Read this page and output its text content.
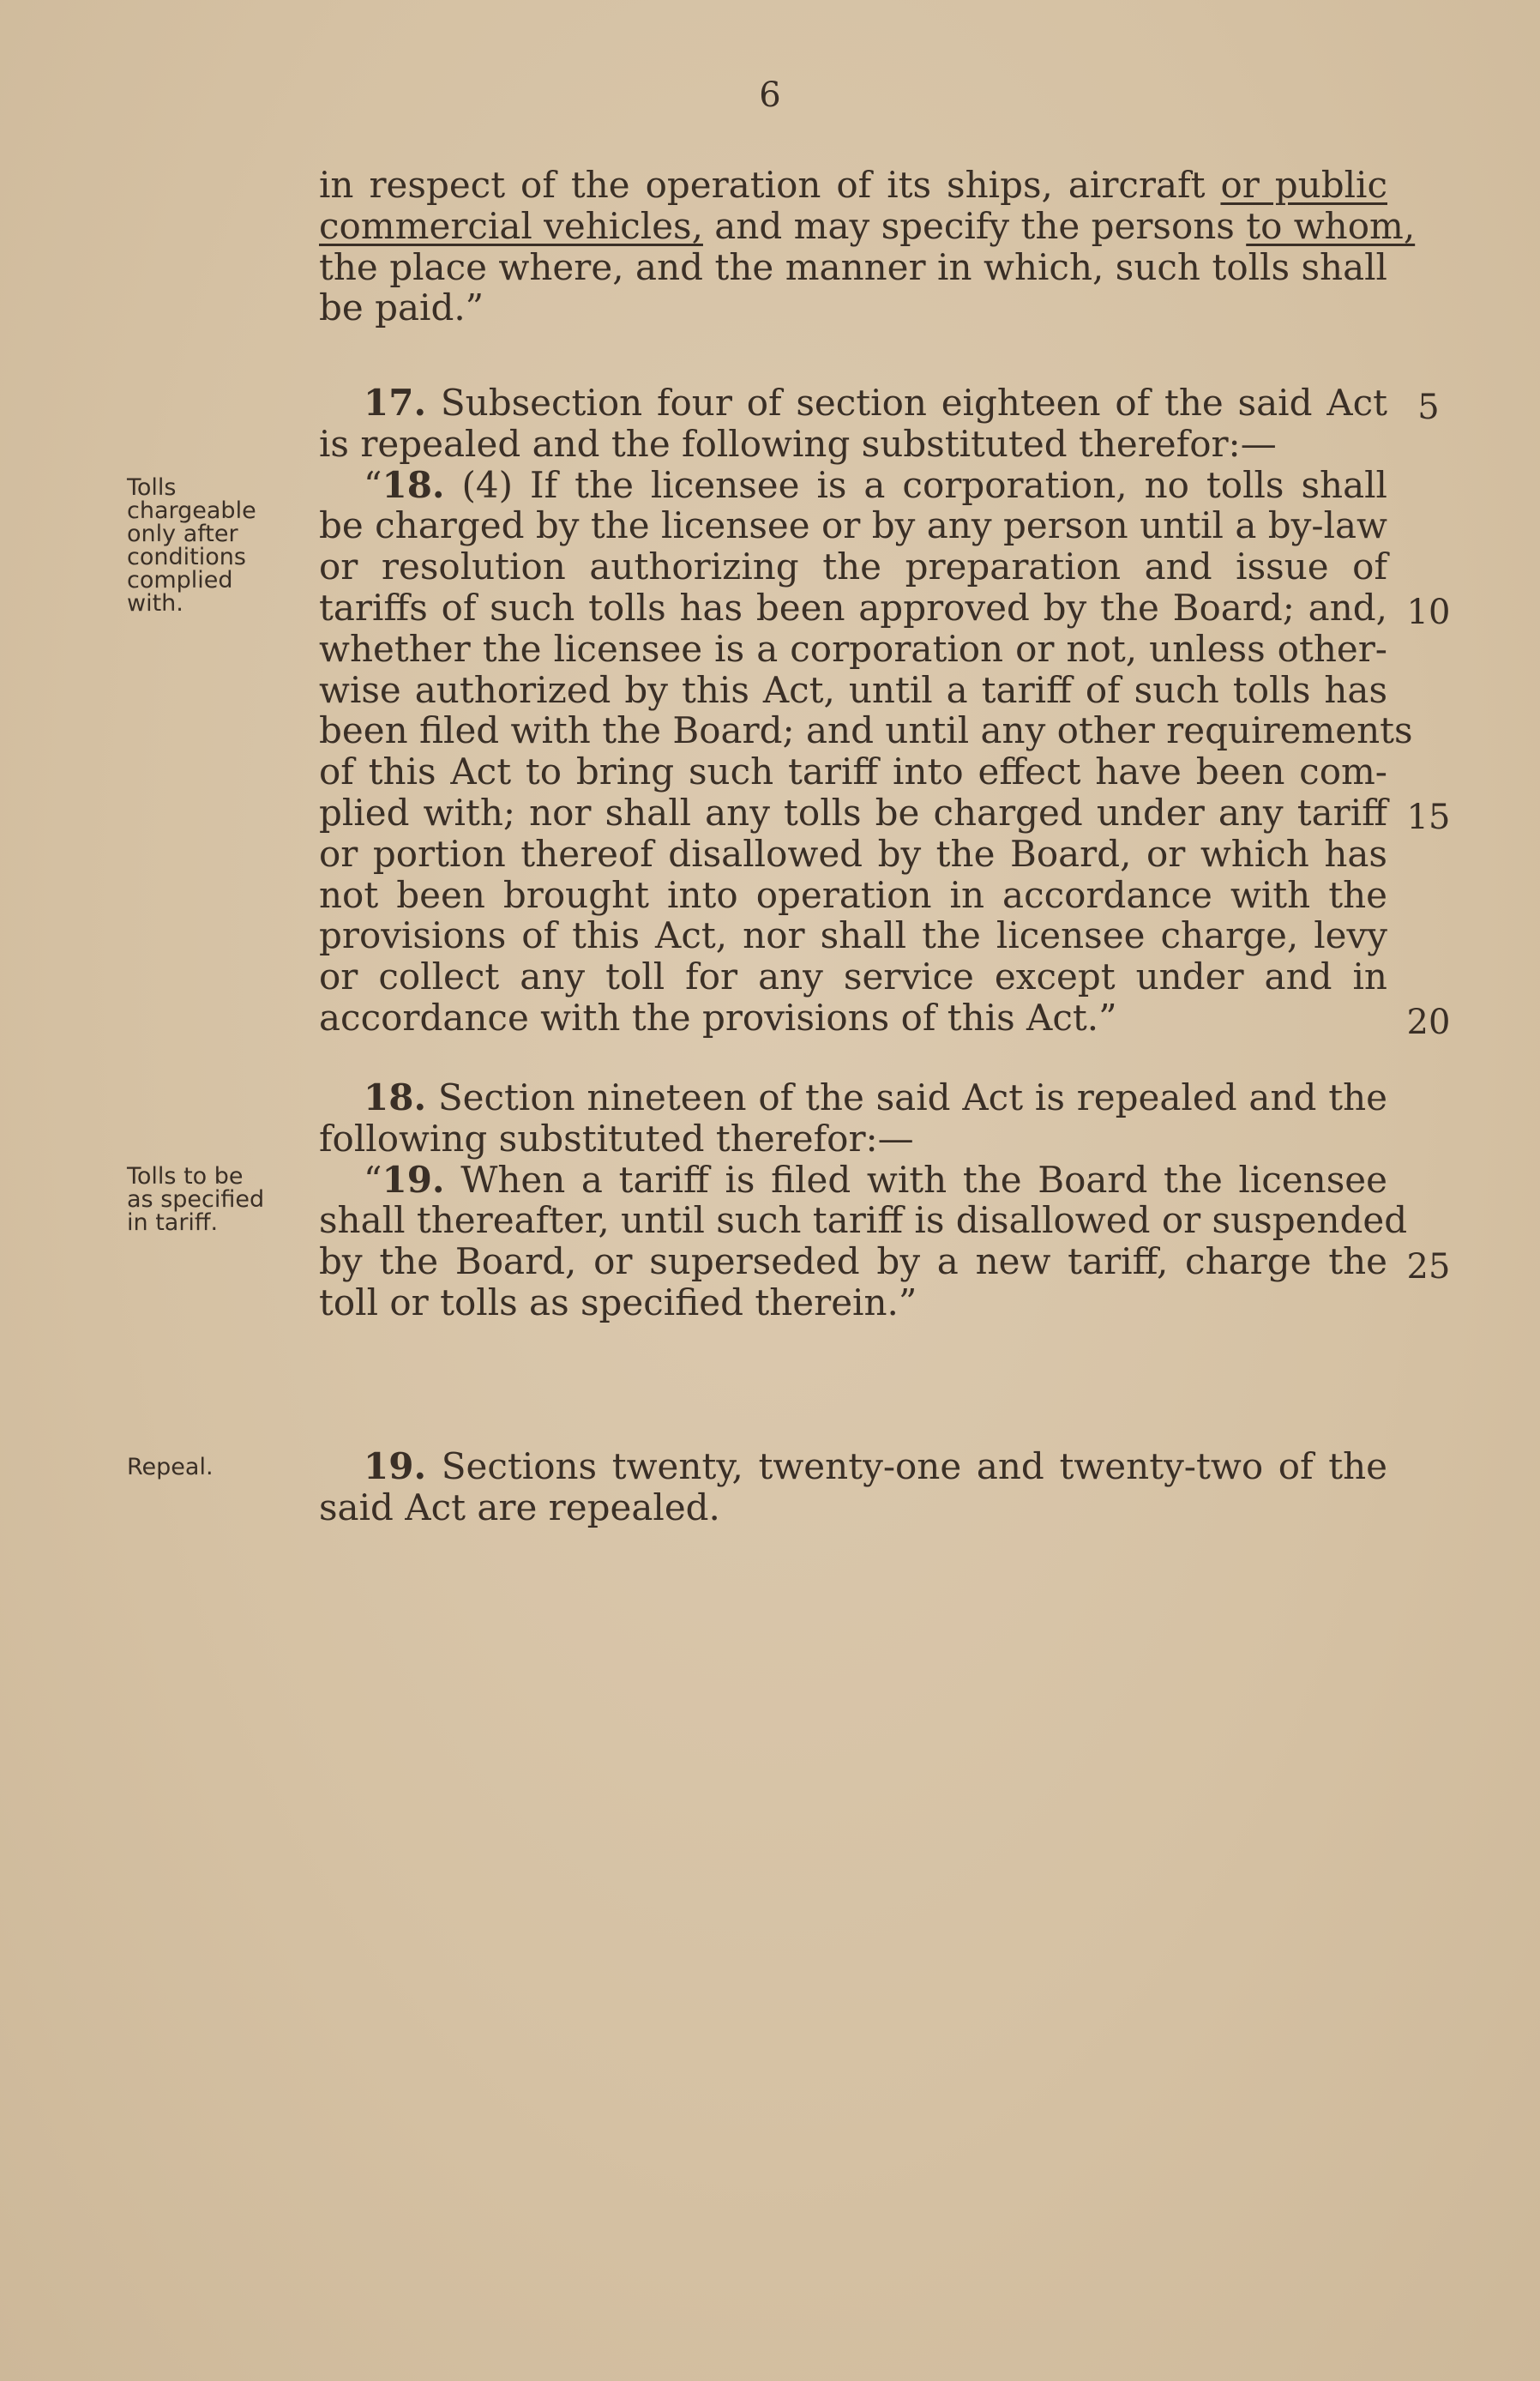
6
in respect of the operation of its ships, aircraft or public
commercial vehicles, and may specify the persons to whom,
the place where, and the manner in which, such tolls shall
be paid.”
17. Subsection four of section eighteen of the said Act
is repealed and the following substituted therefor:—
“18. (4) If the licensee is a corporation, no tolls shall
be charged by the licensee or by any person until a by-law
or resolution authorizing the preparation and issue of
tariffs of such tolls has been approved by the Board; and,
whether the licensee is a corporation or not, unless other-
wise authorized by this Act, until a tariff of such tolls has
been filed with the Board; and until any other requirements
of this Act to bring such tariff into effect have been com-
plied with; nor shall any tolls be charged under any tariff
or portion thereof disallowed by the Board, or which has
not been brought into operation in accordance with the
provisions of this Act, nor shall the licensee charge, levy
or collect any toll for any service except under and in
accordance with the provisions of this Act.”
18. Section nineteen of the said Act is repealed and the
following substituted therefor:—
“19. When a tariff is filed with the Board the licensee
shall thereafter, until such tariff is disallowed or suspended
by the Board, or superseded by a new tariff, charge the
toll or tolls as specified therein.”
19. Sections twenty, twenty-one and twenty-two of the
said Act are repealed.
Tolls
chargeable
only after
conditions
complied
with.
Tolls to be
as specified
in tariff.
Repeal.
5
10
15
20
25
